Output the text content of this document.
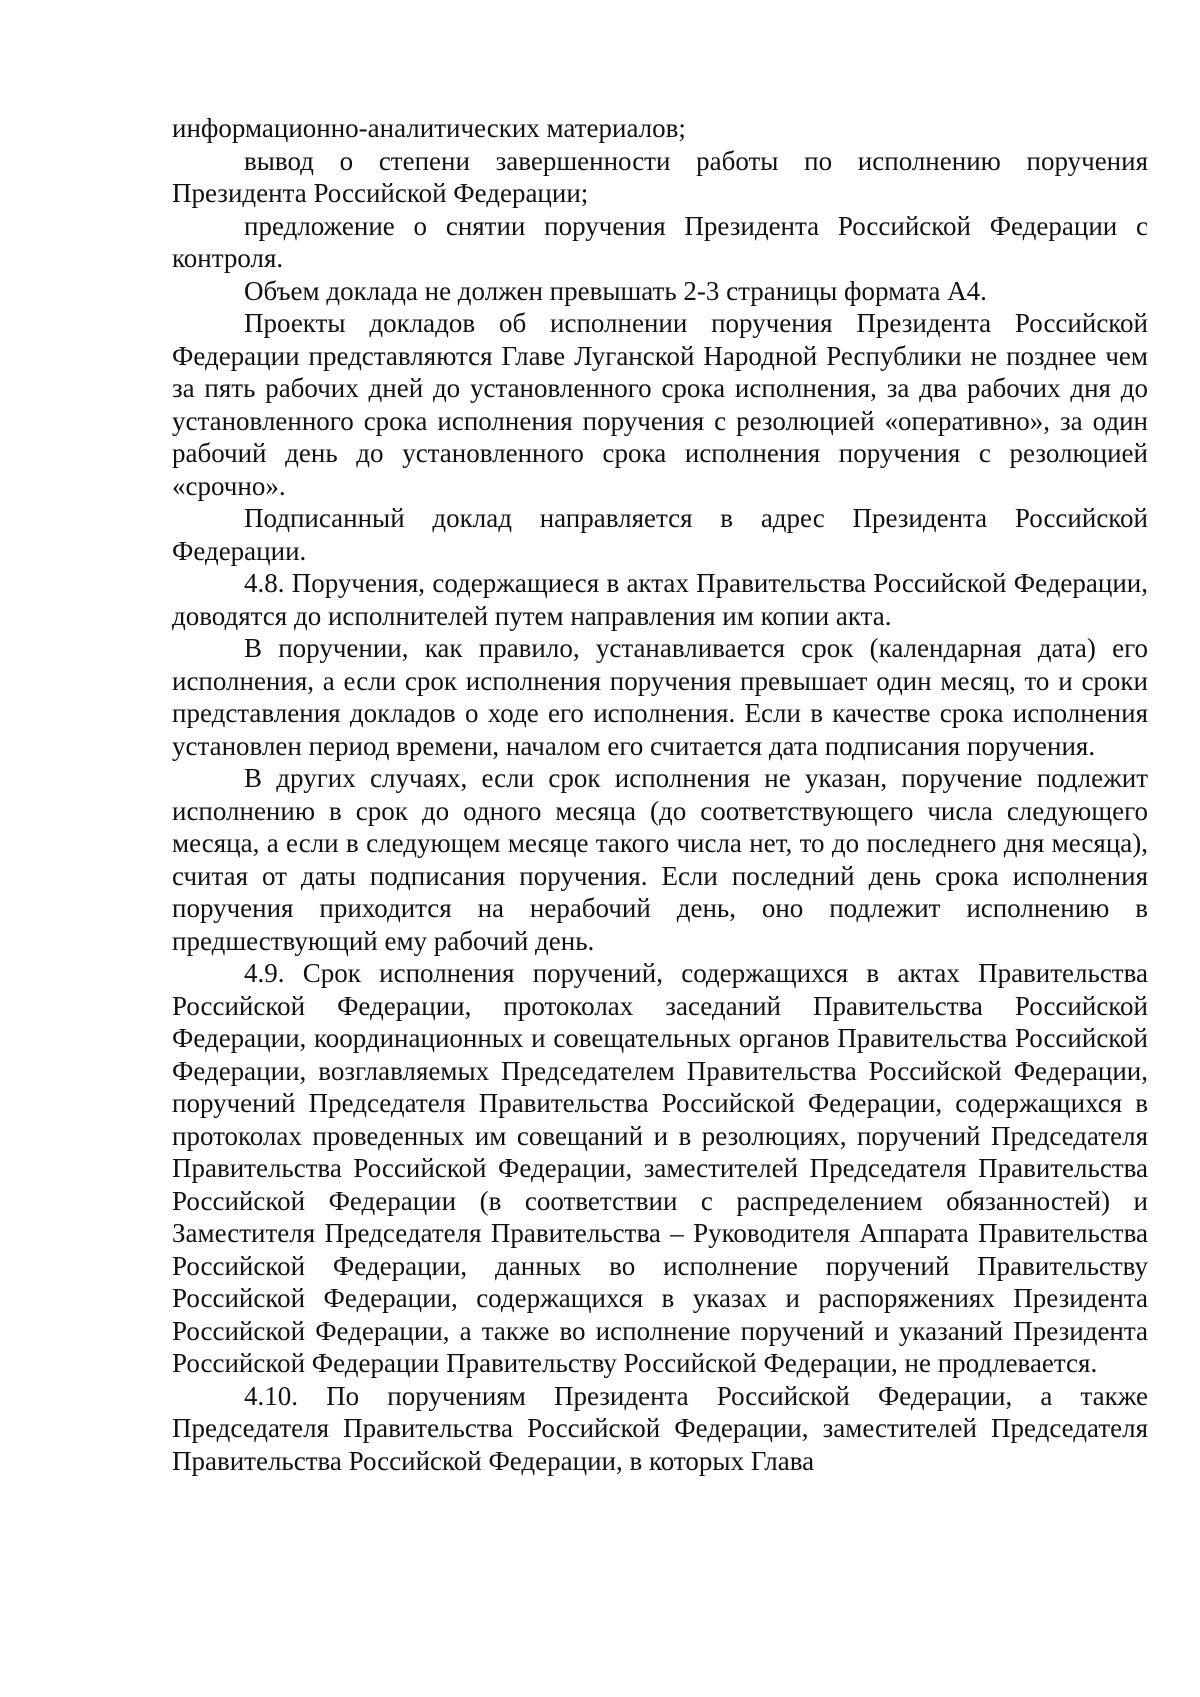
информационно-аналитических материалов;

вывод о степени завершенности работы по исполнению поручения Президента Российской Федерации;

предложение о снятии поручения Президента Российской Федерации с контроля.

Объем доклада не должен превышать 2-3 страницы формата А4.

Проекты докладов об исполнении поручения Президента Российской Федерации представляются Главе Луганской Народной Республики не позднее чем за пять рабочих дней до установленного срока исполнения, за два рабочих дня до установленного срока исполнения поручения с резолюцией «оперативно», за один рабочий день до установленного срока исполнения поручения с резолюцией «срочно».

Подписанный доклад направляется в адрес Президента Российской Федерации.

4.8. Поручения, содержащиеся в актах Правительства Российской Федерации, доводятся до исполнителей путем направления им копии акта.

В поручении, как правило, устанавливается срок (календарная дата) его исполнения, а если срок исполнения поручения превышает один месяц, то и сроки представления докладов о ходе его исполнения. Если в качестве срока исполнения установлен период времени, началом его считается дата подписания поручения.

В других случаях, если срок исполнения не указан, поручение подлежит исполнению в срок до одного месяца (до соответствующего числа следующего месяца, а если в следующем месяце такого числа нет, то до последнего дня месяца), считая от даты подписания поручения. Если последний день срока исполнения поручения приходится на нерабочий день, оно подлежит исполнению в предшествующий ему рабочий день.

4.9. Срок исполнения поручений, содержащихся в актах Правительства Российской Федерации, протоколах заседаний Правительства Российской Федерации, координационных и совещательных органов Правительства Российской Федерации, возглавляемых Председателем Правительства Российской Федерации, поручений Председателя Правительства Российской Федерации, содержащихся в протоколах проведенных им совещаний и в резолюциях, поручений Председателя Правительства Российской Федерации, заместителей Председателя Правительства Российской Федерации (в соответствии с распределением обязанностей) и Заместителя Председателя Правительства – Руководителя Аппарата Правительства Российской Федерации, данных во исполнение поручений Правительству Российской Федерации, содержащихся в указах и распоряжениях Президента Российской Федерации, а также во исполнение поручений и указаний Президента Российской Федерации Правительству Российской Федерации, не продлевается.

4.10. По поручениям Президента Российской Федерации, а также Председателя Правительства Российской Федерации, заместителей Председателя Правительства Российской Федерации, в которых Глава
